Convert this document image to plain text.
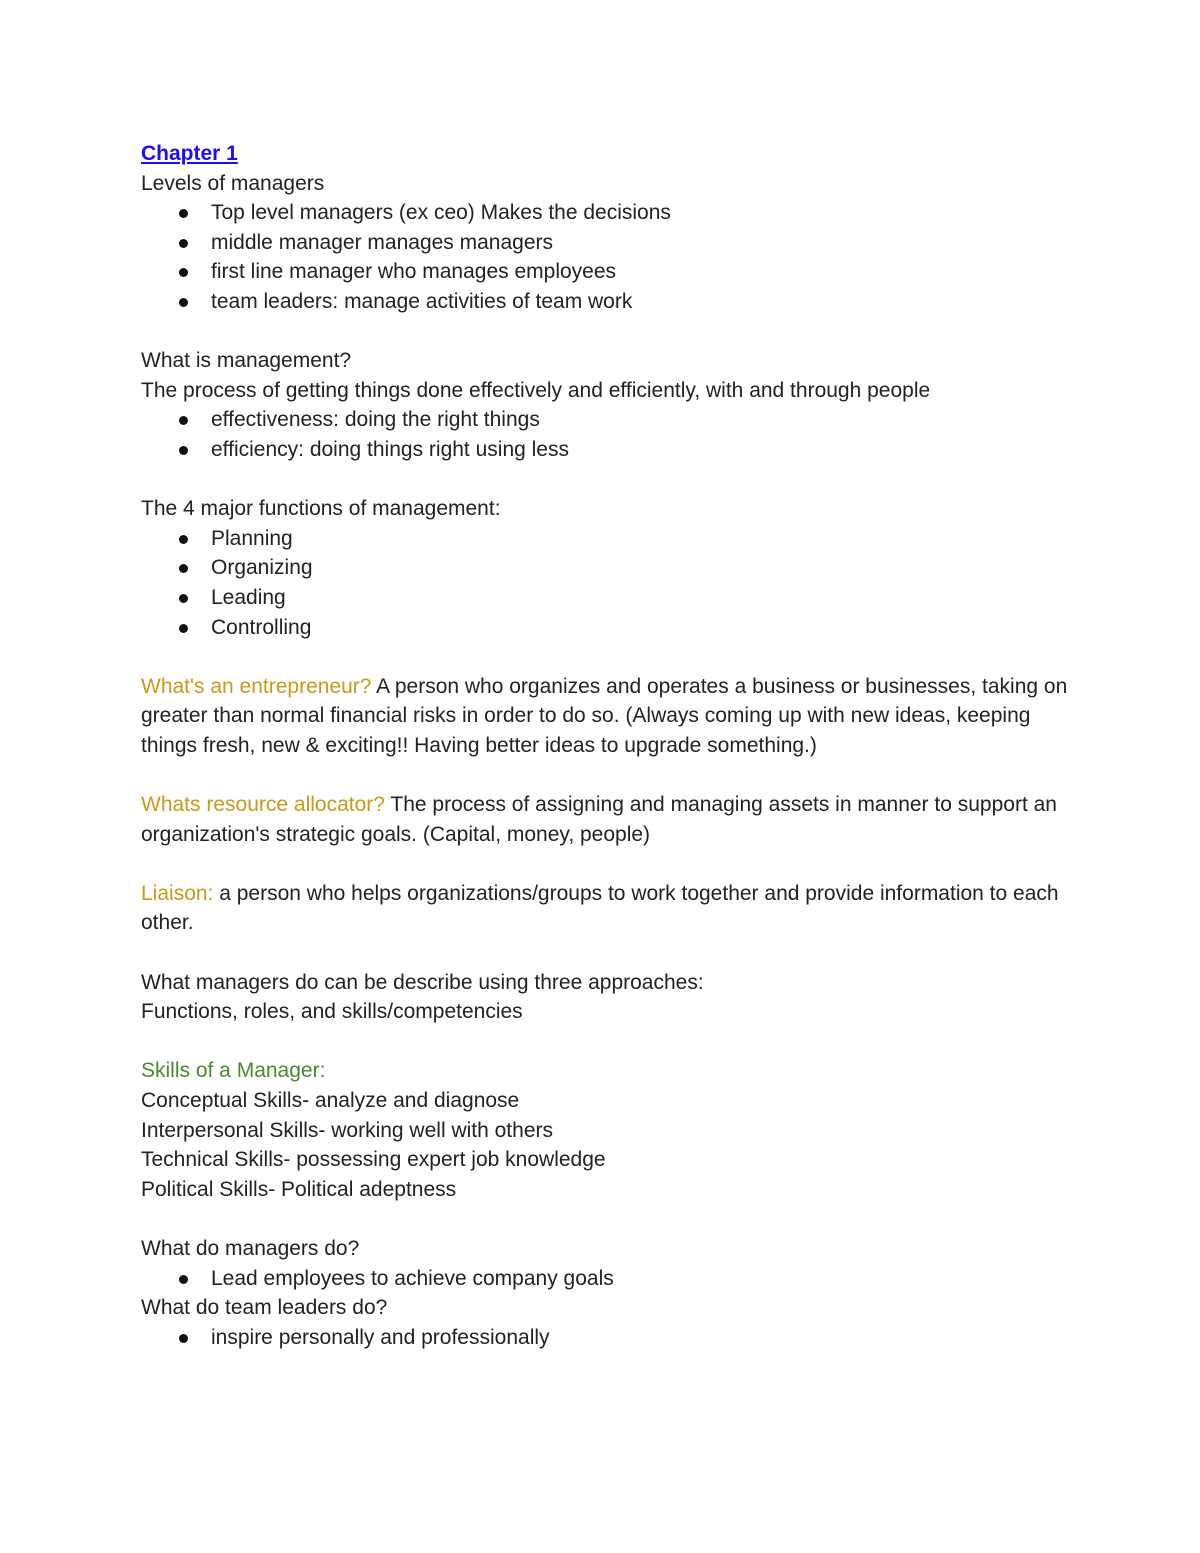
Chapter 1

Levels of managers

Top level managers (ex ceo) Makes the decisions
middle manager manages managers
first line manager who manages employees
team leaders: manage activities of team work

What is management?

The process of getting things done effectively and efficiently, with and through people

effectiveness: doing the right things
efficiency: doing things right using less

The 4 major functions of management:

Planning
Organizing
Leading
Controlling

What's an entrepreneur? A person who organizes and operates a business or businesses, taking on greater than normal financial risks in order to do so. (Always coming up with new ideas, keeping things fresh, new & exciting!! Having better ideas to upgrade something.)

Whats resource allocator? The process of assigning and managing assets in manner to support an organization's strategic goals. (Capital, money, people)

Liaison: a person who helps organizations/groups to work together and provide information to each other.

What managers do can be describe using three approaches:

Functions, roles, and skills/competencies

Skills of a Manager:

Conceptual Skills- analyze and diagnose

Interpersonal Skills- working well with others

Technical Skills- possessing expert job knowledge

Political Skills- Political adeptness

What do managers do?

Lead employees to achieve company goals

What do team leaders do?

inspire personally and professionally
